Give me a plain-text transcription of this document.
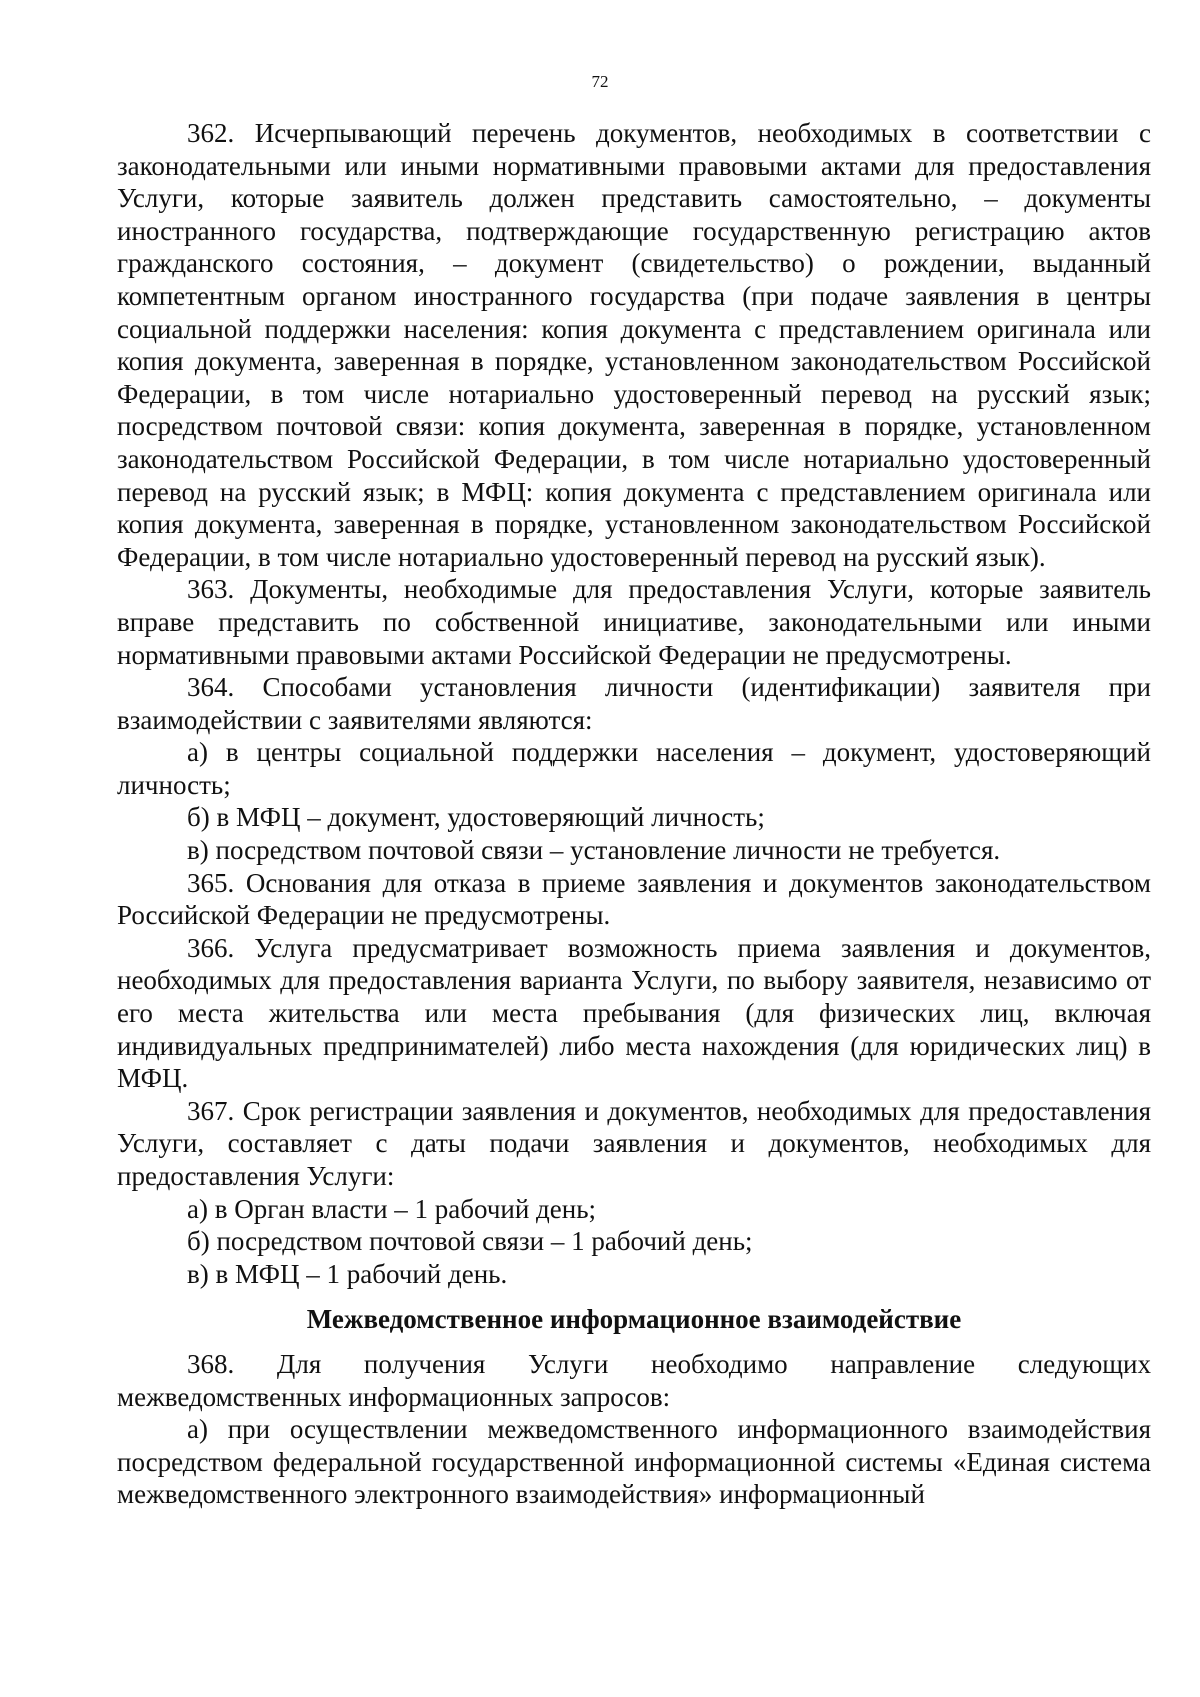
72

362. Исчерпывающий перечень документов, необходимых в соответствии с законодательными или иными нормативными правовыми актами для предоставления Услуги, которые заявитель должен представить самостоятельно, – документы иностранного государства, подтверждающие государственную регистрацию актов гражданского состояния, – документ (свидетельство) о рождении, выданный компетентным органом иностранного государства (при подаче заявления в центры социальной поддержки населения: копия документа с представлением оригинала или копия документа, заверенная в порядке, установленном законодательством Российской Федерации, в том числе нотариально удостоверенный перевод на русский язык; посредством почтовой связи: копия документа, заверенная в порядке, установленном законодательством Российской Федерации, в том числе нотариально удостоверенный перевод на русский язык; в МФЦ: копия документа с представлением оригинала или копия документа, заверенная в порядке, установленном законодательством Российской Федерации, в том числе нотариально удостоверенный перевод на русский язык).

363. Документы, необходимые для предоставления Услуги, которые заявитель вправе представить по собственной инициативе, законодательными или иными нормативными правовыми актами Российской Федерации не предусмотрены.

364. Способами установления личности (идентификации) заявителя при взаимодействии с заявителями являются:

а) в центры социальной поддержки населения – документ, удостоверяющий личность;

б) в МФЦ – документ, удостоверяющий личность;

в) посредством почтовой связи – установление личности не требуется.

365. Основания для отказа в приеме заявления и документов законодательством Российской Федерации не предусмотрены.

366. Услуга предусматривает возможность приема заявления и документов, необходимых для предоставления варианта Услуги, по выбору заявителя, независимо от его места жительства или места пребывания (для физических лиц, включая индивидуальных предпринимателей) либо места нахождения (для юридических лиц) в МФЦ.

367. Срок регистрации заявления и документов, необходимых для предоставления Услуги, составляет с даты подачи заявления и документов, необходимых для предоставления Услуги:

а) в Орган власти – 1 рабочий день;

б) посредством почтовой связи – 1 рабочий день;

в) в МФЦ – 1 рабочий день.

Межведомственное информационное взаимодействие

368. Для получения Услуги необходимо направление следующих межведомственных информационных запросов:

а) при осуществлении межведомственного информационного взаимодействия посредством федеральной государственной информационной системы «Единая система межведомственного электронного взаимодействия» информационный
